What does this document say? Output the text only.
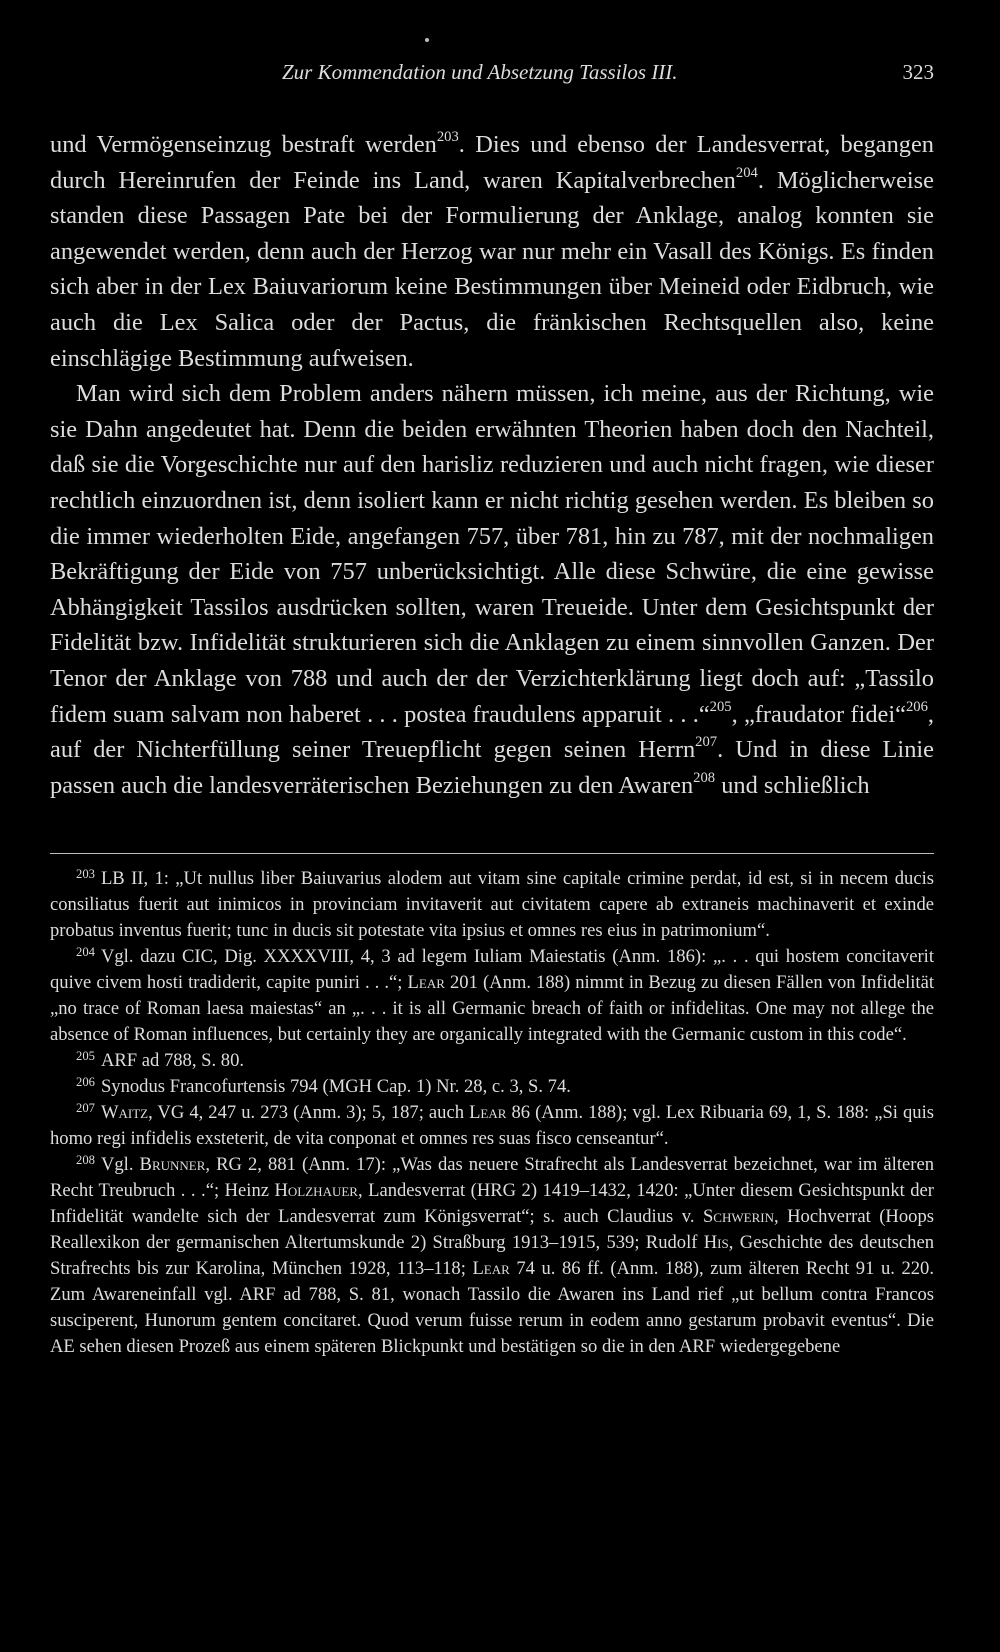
Zur Kommendation und Absetzung Tassilos III.	323

und Vermögenseinzug bestraft werden$^{203}$. Dies und ebenso der Landesverrat, begangen durch Hereinrufen der Feinde ins Land, waren Kapitalverbrechen$^{204}$. Möglicherweise standen diese Passagen Pate bei der Formulierung der Anklage, analog konnten sie angewendet werden, denn auch der Herzog war nur mehr ein Vasall des Königs. Es finden sich aber in der Lex Baiuvariorum keine Bestimmungen über Meineid oder Eidbruch, wie auch die Lex Salica oder der Pactus, die fränkischen Rechtsquellen also, keine einschlägige Bestimmung aufweisen.

Man wird sich dem Problem anders nähern müssen, ich meine, aus der Richtung, wie sie Dahn angedeutet hat. Denn die beiden erwähnten Theorien haben doch den Nachteil, daß sie die Vorgeschichte nur auf den harisliz reduzieren und auch nicht fragen, wie dieser rechtlich einzuordnen ist, denn isoliert kann er nicht richtig gesehen werden. Es bleiben so die immer wiederholten Eide, angefangen 757, über 781, hin zu 787, mit der nochmaligen Bekräftigung der Eide von 757 unberücksichtigt. Alle diese Schwüre, die eine gewisse Abhängigkeit Tassilos ausdrücken sollten, waren Treueide. Unter dem Gesichtspunkt der Fidelität bzw. Infidelität strukturieren sich die Anklagen zu einem sinnvollen Ganzen. Der Tenor der Anklage von 788 und auch der der Verzichterklärung liegt doch auf: „Tassilo fidem suam salvam non haberet . . . postea fraudulens apparuit . . .“$^{205}$, „fraudator fidei“$^{206}$, auf der Nichterfüllung seiner Treuepflicht gegen seinen Herrn$^{207}$. Und in diese Linie passen auch die landesverräterischen Beziehungen zu den Awaren$^{208}$ und schließlich

$^{203}$ LB II, 1: „Ut nullus liber Baiuvarius alodem aut vitam sine capitale crimine perdat, id est, si in necem ducis consiliatus fuerit aut inimicos in provinciam invitaverit aut civitatem capere ab extraneis machinaverit et exinde probatus inventus fuerit; tunc in ducis sit potestate vita ipsius et omnes res eius in patrimonium“.

$^{204}$ Vgl. dazu CIC, Dig. XXXXVIII, 4, 3 ad legem Iuliam Maiestatis (Anm. 186): „. . . qui hostem concitaverit quive civem hosti tradiderit, capite puniri . . .“; Lear 201 (Anm. 188) nimmt in Bezug zu diesen Fällen von Infidelität „no trace of Roman laesa maiestas“ an „. . . it is all Germanic breach of faith or infidelitas. One may not allege the absence of Roman influences, but certainly they are organically integrated with the Germanic custom in this code“.

$^{205}$ ARF ad 788, S. 80.

$^{206}$ Synodus Francofurtensis 794 (MGH Cap. 1) Nr. 28, c. 3, S. 74.

$^{207}$ Waitz, VG 4, 247 u. 273 (Anm. 3); 5, 187; auch Lear 86 (Anm. 188); vgl. Lex Ribuaria 69, 1, S. 188: „Si quis homo regi infidelis exsteterit, de vita conponat et omnes res suas fisco censeantur“.

$^{208}$ Vgl. Brunner, RG 2, 881 (Anm. 17): „Was das neuere Strafrecht als Landesverrat bezeichnet, war im älteren Recht Treubruch . . .“; Heinz Holzhauer, Landesverrat (HRG 2) 1419–1432, 1420: „Unter diesem Gesichtspunkt der Infidelität wandelte sich der Landesverrat zum Königsverrat“; s. auch Claudius v. Schwerin, Hochverrat (Hoops Reallexikon der germanischen Altertumskunde 2) Straßburg 1913–1915, 539; Rudolf His, Geschichte des deutschen Strafrechts bis zur Karolina, München 1928, 113–118; Lear 74 u. 86 ff. (Anm. 188), zum älteren Recht 91 u. 220. Zum Awareneinfall vgl. ARF ad 788, S. 81, wonach Tassilo die Awaren ins Land rief „ut bellum contra Francos susciperent, Hunorum gentem concitaret. Quod verum fuisse rerum in eodem anno gestarum probavit eventus“. Die AE sehen diesen Prozeß aus einem späteren Blickpunkt und bestätigen so die in den ARF wiedergegebene
